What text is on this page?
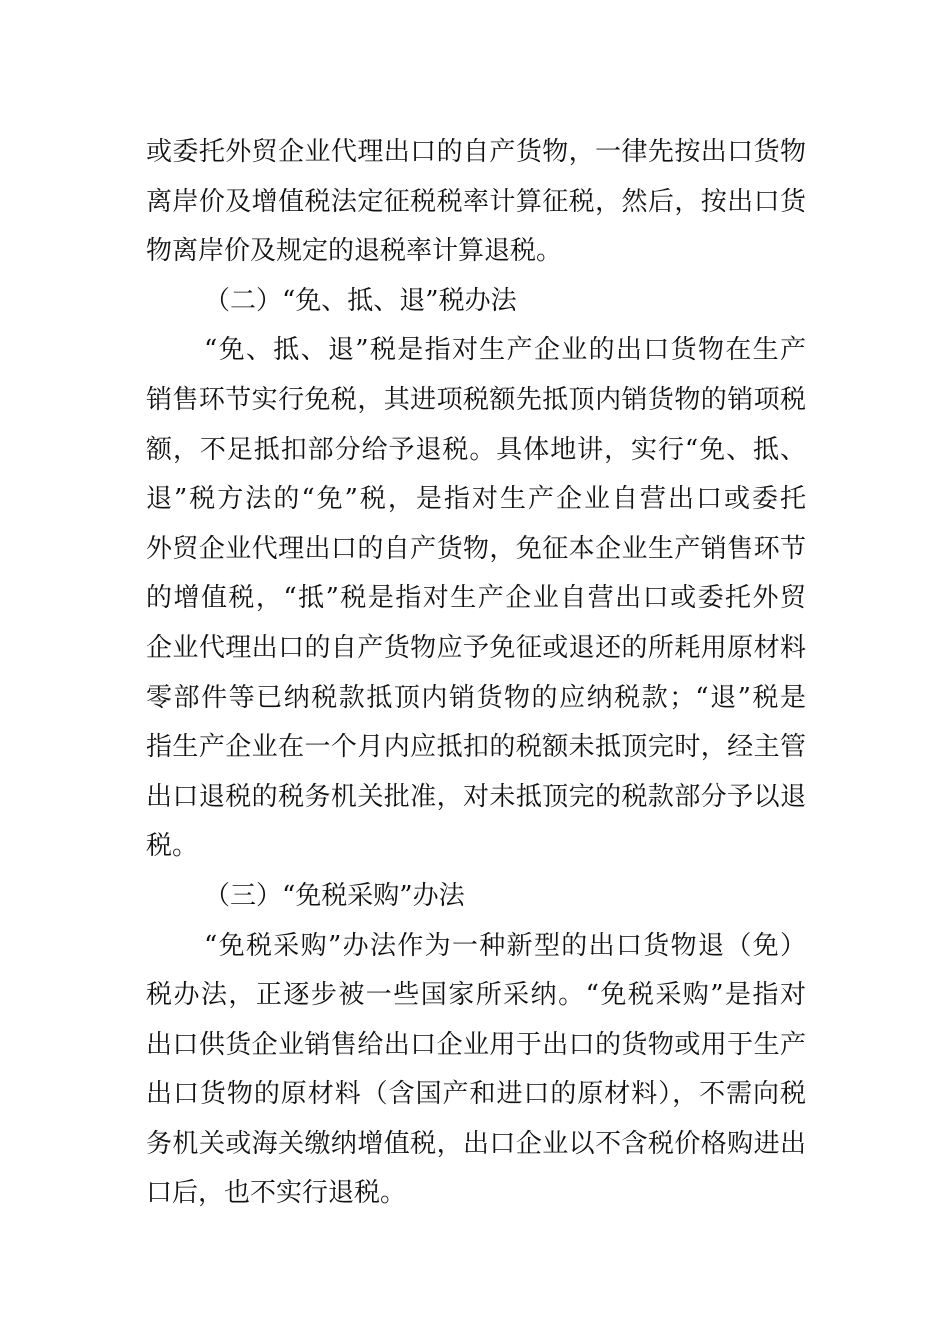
或委托外贸企业代理出口的自产货物，一律先按出口货物
离岸价及增值税法定征税税率计算征税，然后，按出口货
物离岸价及规定的退税率计算退税。
（二）“免、抵、退”税办法
“免、抵、退”税是指对生产企业的出口货物在生产
销售环节实行免税，其进项税额先抵顶内销货物的销项税
额，不足抵扣部分给予退税。具体地讲，实行“免、抵、
退”税方法的“免”税，是指对生产企业自营出口或委托
外贸企业代理出口的自产货物，免征本企业生产销售环节
的增值税，“抵”税是指对生产企业自营出口或委托外贸
企业代理出口的自产货物应予免征或退还的所耗用原材料
零部件等已纳税款抵顶内销货物的应纳税款；“退”税是
指生产企业在一个月内应抵扣的税额未抵顶完时，经主管
出口退税的税务机关批准，对未抵顶完的税款部分予以退
税。
（三）“免税采购”办法
“免税采购”办法作为一种新型的出口货物退（免）
税办法，正逐步被一些国家所采纳。“免税采购”是指对
出口供货企业销售给出口企业用于出口的货物或用于生产
出口货物的原材料（含国产和进口的原材料），不需向税
务机关或海关缴纳增值税，出口企业以不含税价格购进出
口后，也不实行退税。
